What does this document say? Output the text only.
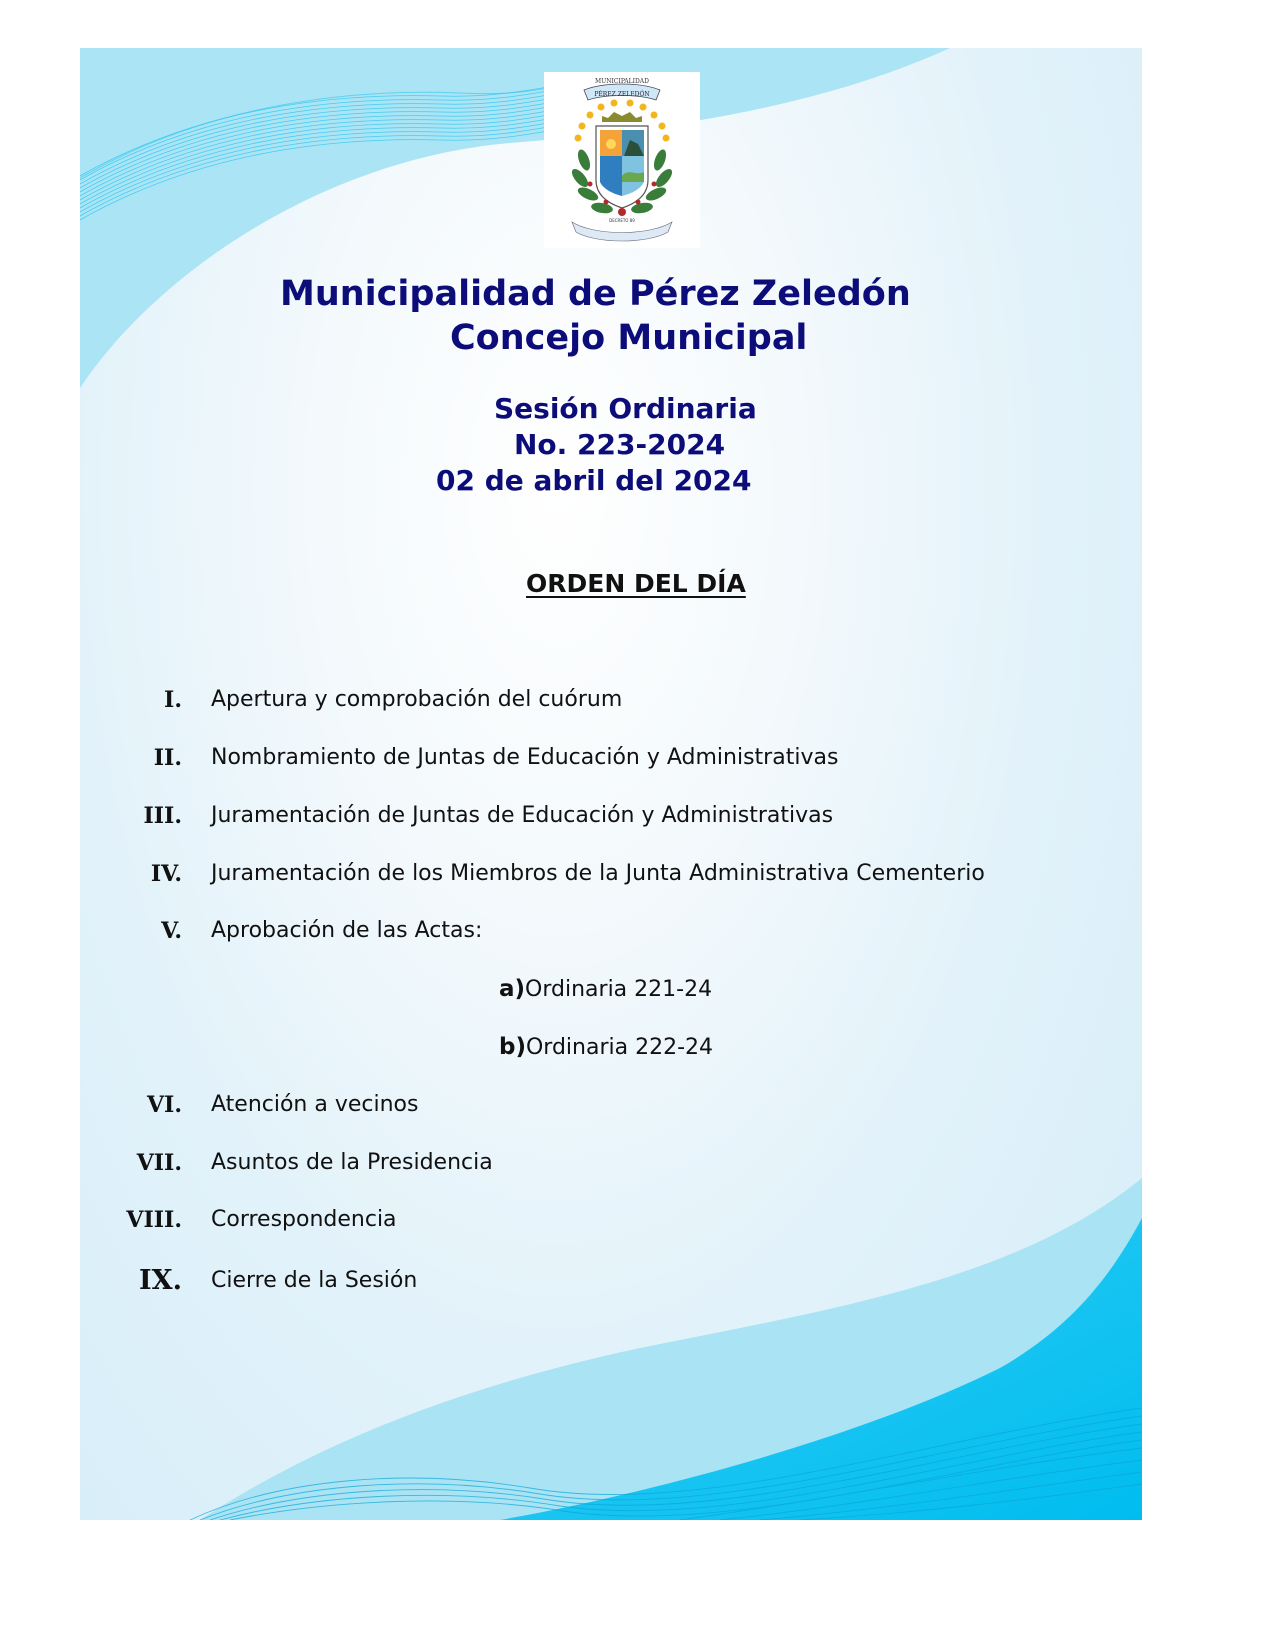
MUNICIPALIDAD
PÉREZ ZELEDÓN
DECRETO 89
Municipalidad de Pérez Zeledón
Concejo Municipal
Sesión Ordinaria
No. 223-2024
02 de abril del 2024
ORDEN DEL DÍA
I. Apertura y comprobación del cuórum
II. Nombramiento de Juntas de Educación y Administrativas
III. Juramentación de Juntas de Educación y Administrativas
IV. Juramentación de los Miembros de la Junta Administrativa Cementerio
V. Aprobación de las Actas:
a)Ordinaria 221-24
b)Ordinaria 222-24
VI. Atención a vecinos
VII. Asuntos de la Presidencia
VIII. Correspondencia
IX. Cierre de la Sesión
